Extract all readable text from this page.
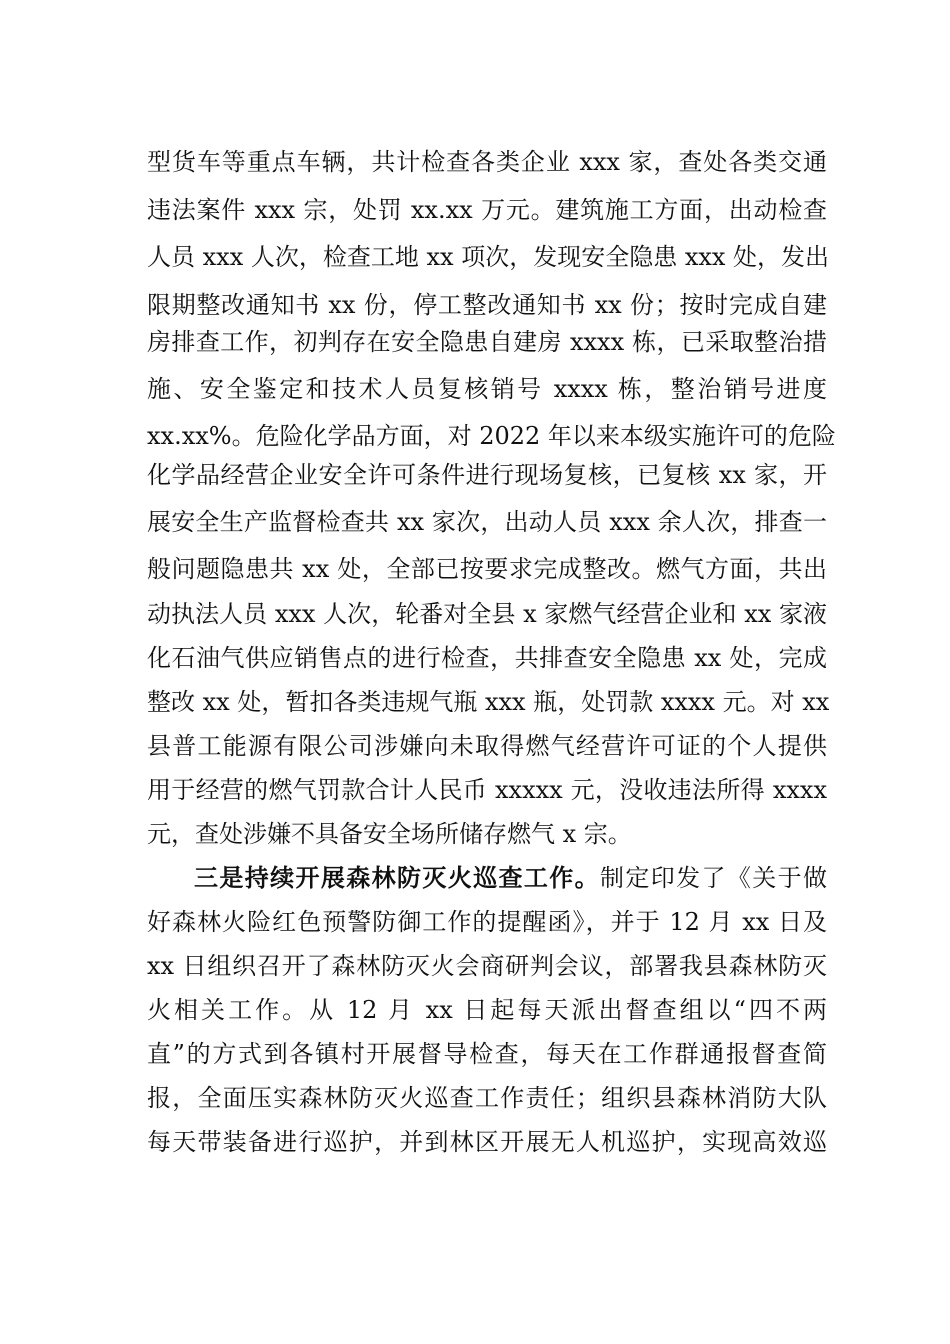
型货车等重点车辆，共计检查各类企业 xxx 家，查处各类交通
违法案件 xxx 宗，处罚 xx.xx 万元。建筑施工方面，出动检查
人员 xxx 人次，检查工地 xx 项次，发现安全隐患 xxx 处，发出
限期整改通知书 xx 份，停工整改通知书 xx 份；按时完成自建
房排查工作，初判存在安全隐患自建房 xxxx 栋，已采取整治措
施、安全鉴定和技术人员复核销号 xxxx 栋，整治销号进度
xx.xx%。危险化学品方面，对 2022 年以来本级实施许可的危险
化学品经营企业安全许可条件进行现场复核，已复核 xx 家，开
展安全生产监督检查共 xx 家次，出动人员 xxx 余人次，排查一
般问题隐患共 xx 处，全部已按要求完成整改。燃气方面，共出
动执法人员 xxx 人次，轮番对全县 x 家燃气经营企业和 xx 家液
化石油气供应销售点的进行检查，共排查安全隐患 xx 处，完成
整改 xx 处，暂扣各类违规气瓶 xxx 瓶，处罚款 xxxx 元。对 xx
县普工能源有限公司涉嫌向未取得燃气经营许可证的个人提供
用于经营的燃气罚款合计人民币 xxxxx 元，没收违法所得 xxxx
元，查处涉嫌不具备安全场所储存燃气 x 宗。
三是持续开展森林防灭火巡查工作。制定印发了《关于做
好森林火险红色预警防御工作的提醒函》，并于 12 月 xx 日及
xx 日组织召开了森林防灭火会商研判会议，部署我县森林防灭
火相关工作。从 12 月 xx 日起每天派出督查组以“四不两
直”的方式到各镇村开展督导检查，每天在工作群通报督查简
报，全面压实森林防灭火巡查工作责任；组织县森林消防大队
每天带装备进行巡护，并到林区开展无人机巡护，实现高效巡
